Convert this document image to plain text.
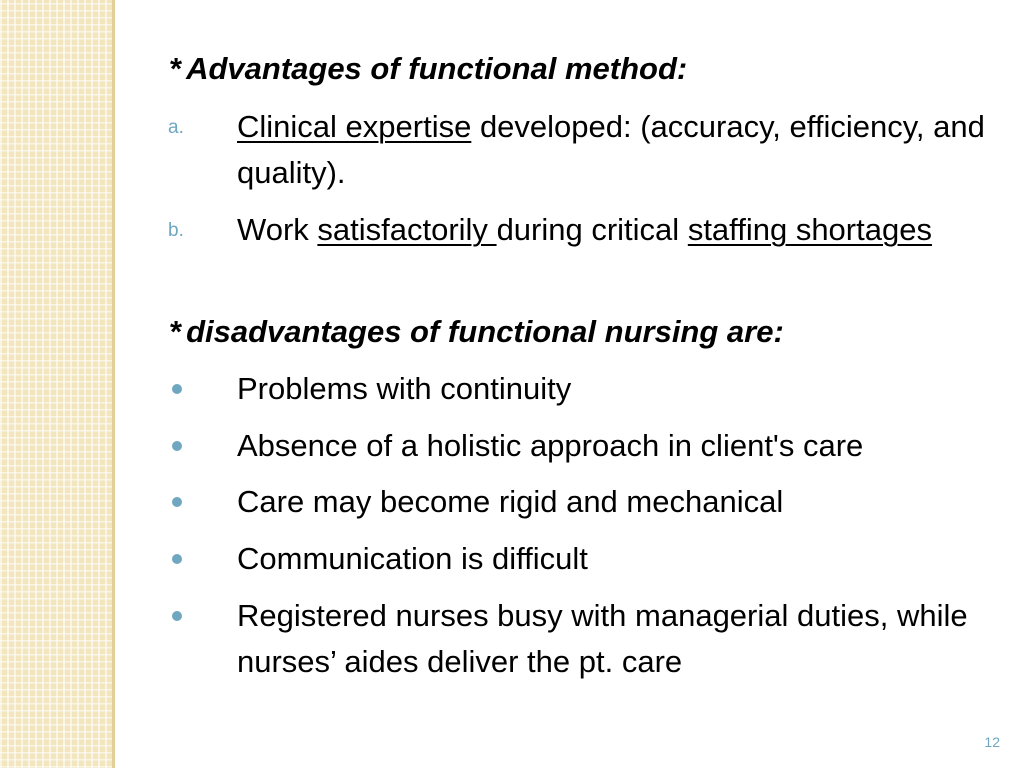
* Advantages of functional method:
a. Clinical expertise developed: (accuracy, efficiency, and quality).
b. Work satisfactorily during critical staffing shortages
* disadvantages of functional nursing are:
Problems with continuity
Absence of a holistic approach in client's care
Care may become rigid and mechanical
Communication is difficult
Registered nurses busy with managerial duties, while nurses’ aides deliver the pt. care
12
